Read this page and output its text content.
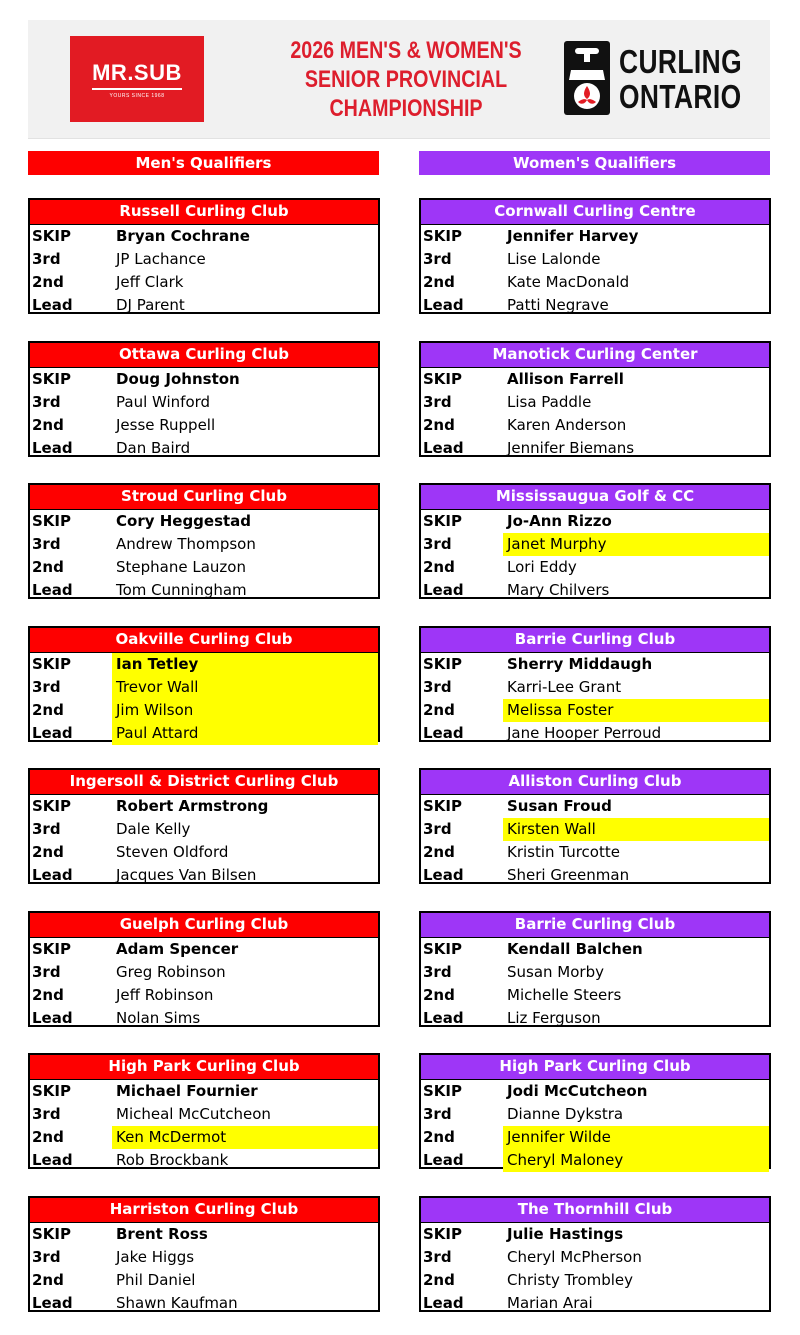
MR.SUB
YOURS SINCE 1968
2026 MEN'S & WOMEN'S
SENIOR PROVINCIAL
CHAMPIONSHIP
CURLING
ONTARIO
Men's Qualifiers	Women's Qualifiers
Russell Curling Club
SKIP	Bryan Cochrane
3rd	JP Lachance
2nd	Jeff Clark
Lead	DJ Parent
Ottawa Curling Club
SKIP	Doug Johnston
3rd	Paul Winford
2nd	Jesse Ruppell
Lead	Dan Baird
Stroud Curling Club
SKIP	Cory Heggestad
3rd	Andrew Thompson
2nd	Stephane Lauzon
Lead	Tom Cunningham
Oakville Curling Club
SKIP	Ian Tetley
3rd	Trevor Wall
2nd	Jim Wilson
Lead	Paul Attard
Ingersoll & District Curling Club
SKIP	Robert Armstrong
3rd	Dale Kelly
2nd	Steven Oldford
Lead	Jacques Van Bilsen
Guelph Curling Club
SKIP	Adam Spencer
3rd	Greg Robinson
2nd	Jeff Robinson
Lead	Nolan Sims
High Park Curling Club
SKIP	Michael Fournier
3rd	Micheal McCutcheon
2nd	Ken McDermot
Lead	Rob Brockbank
Harriston Curling Club
SKIP	Brent Ross
3rd	Jake Higgs
2nd	Phil Daniel
Lead	Shawn Kaufman
Cornwall Curling Centre
SKIP	Jennifer Harvey
3rd	Lise Lalonde
2nd	Kate MacDonald
Lead	Patti Negrave
Manotick Curling Center
SKIP	Allison Farrell
3rd	Lisa Paddle
2nd	Karen Anderson
Lead	Jennifer Biemans
Mississaugua Golf & CC
SKIP	Jo-Ann Rizzo
3rd	Janet Murphy
2nd	Lori Eddy
Lead	Mary Chilvers
Barrie Curling Club
SKIP	Sherry Middaugh
3rd	Karri-Lee Grant
2nd	Melissa Foster
Lead	Jane Hooper Perroud
Alliston Curling Club
SKIP	Susan Froud
3rd	Kirsten Wall
2nd	Kristin Turcotte
Lead	Sheri Greenman
Barrie Curling Club
SKIP	Kendall Balchen
3rd	Susan Morby
2nd	Michelle Steers
Lead	Liz Ferguson
High Park Curling Club
SKIP	Jodi McCutcheon
3rd	Dianne Dykstra
2nd	Jennifer Wilde
Lead	Cheryl Maloney
The Thornhill Club
SKIP	Julie Hastings
3rd	Cheryl McPherson
2nd	Christy Trombley
Lead	Marian Arai
